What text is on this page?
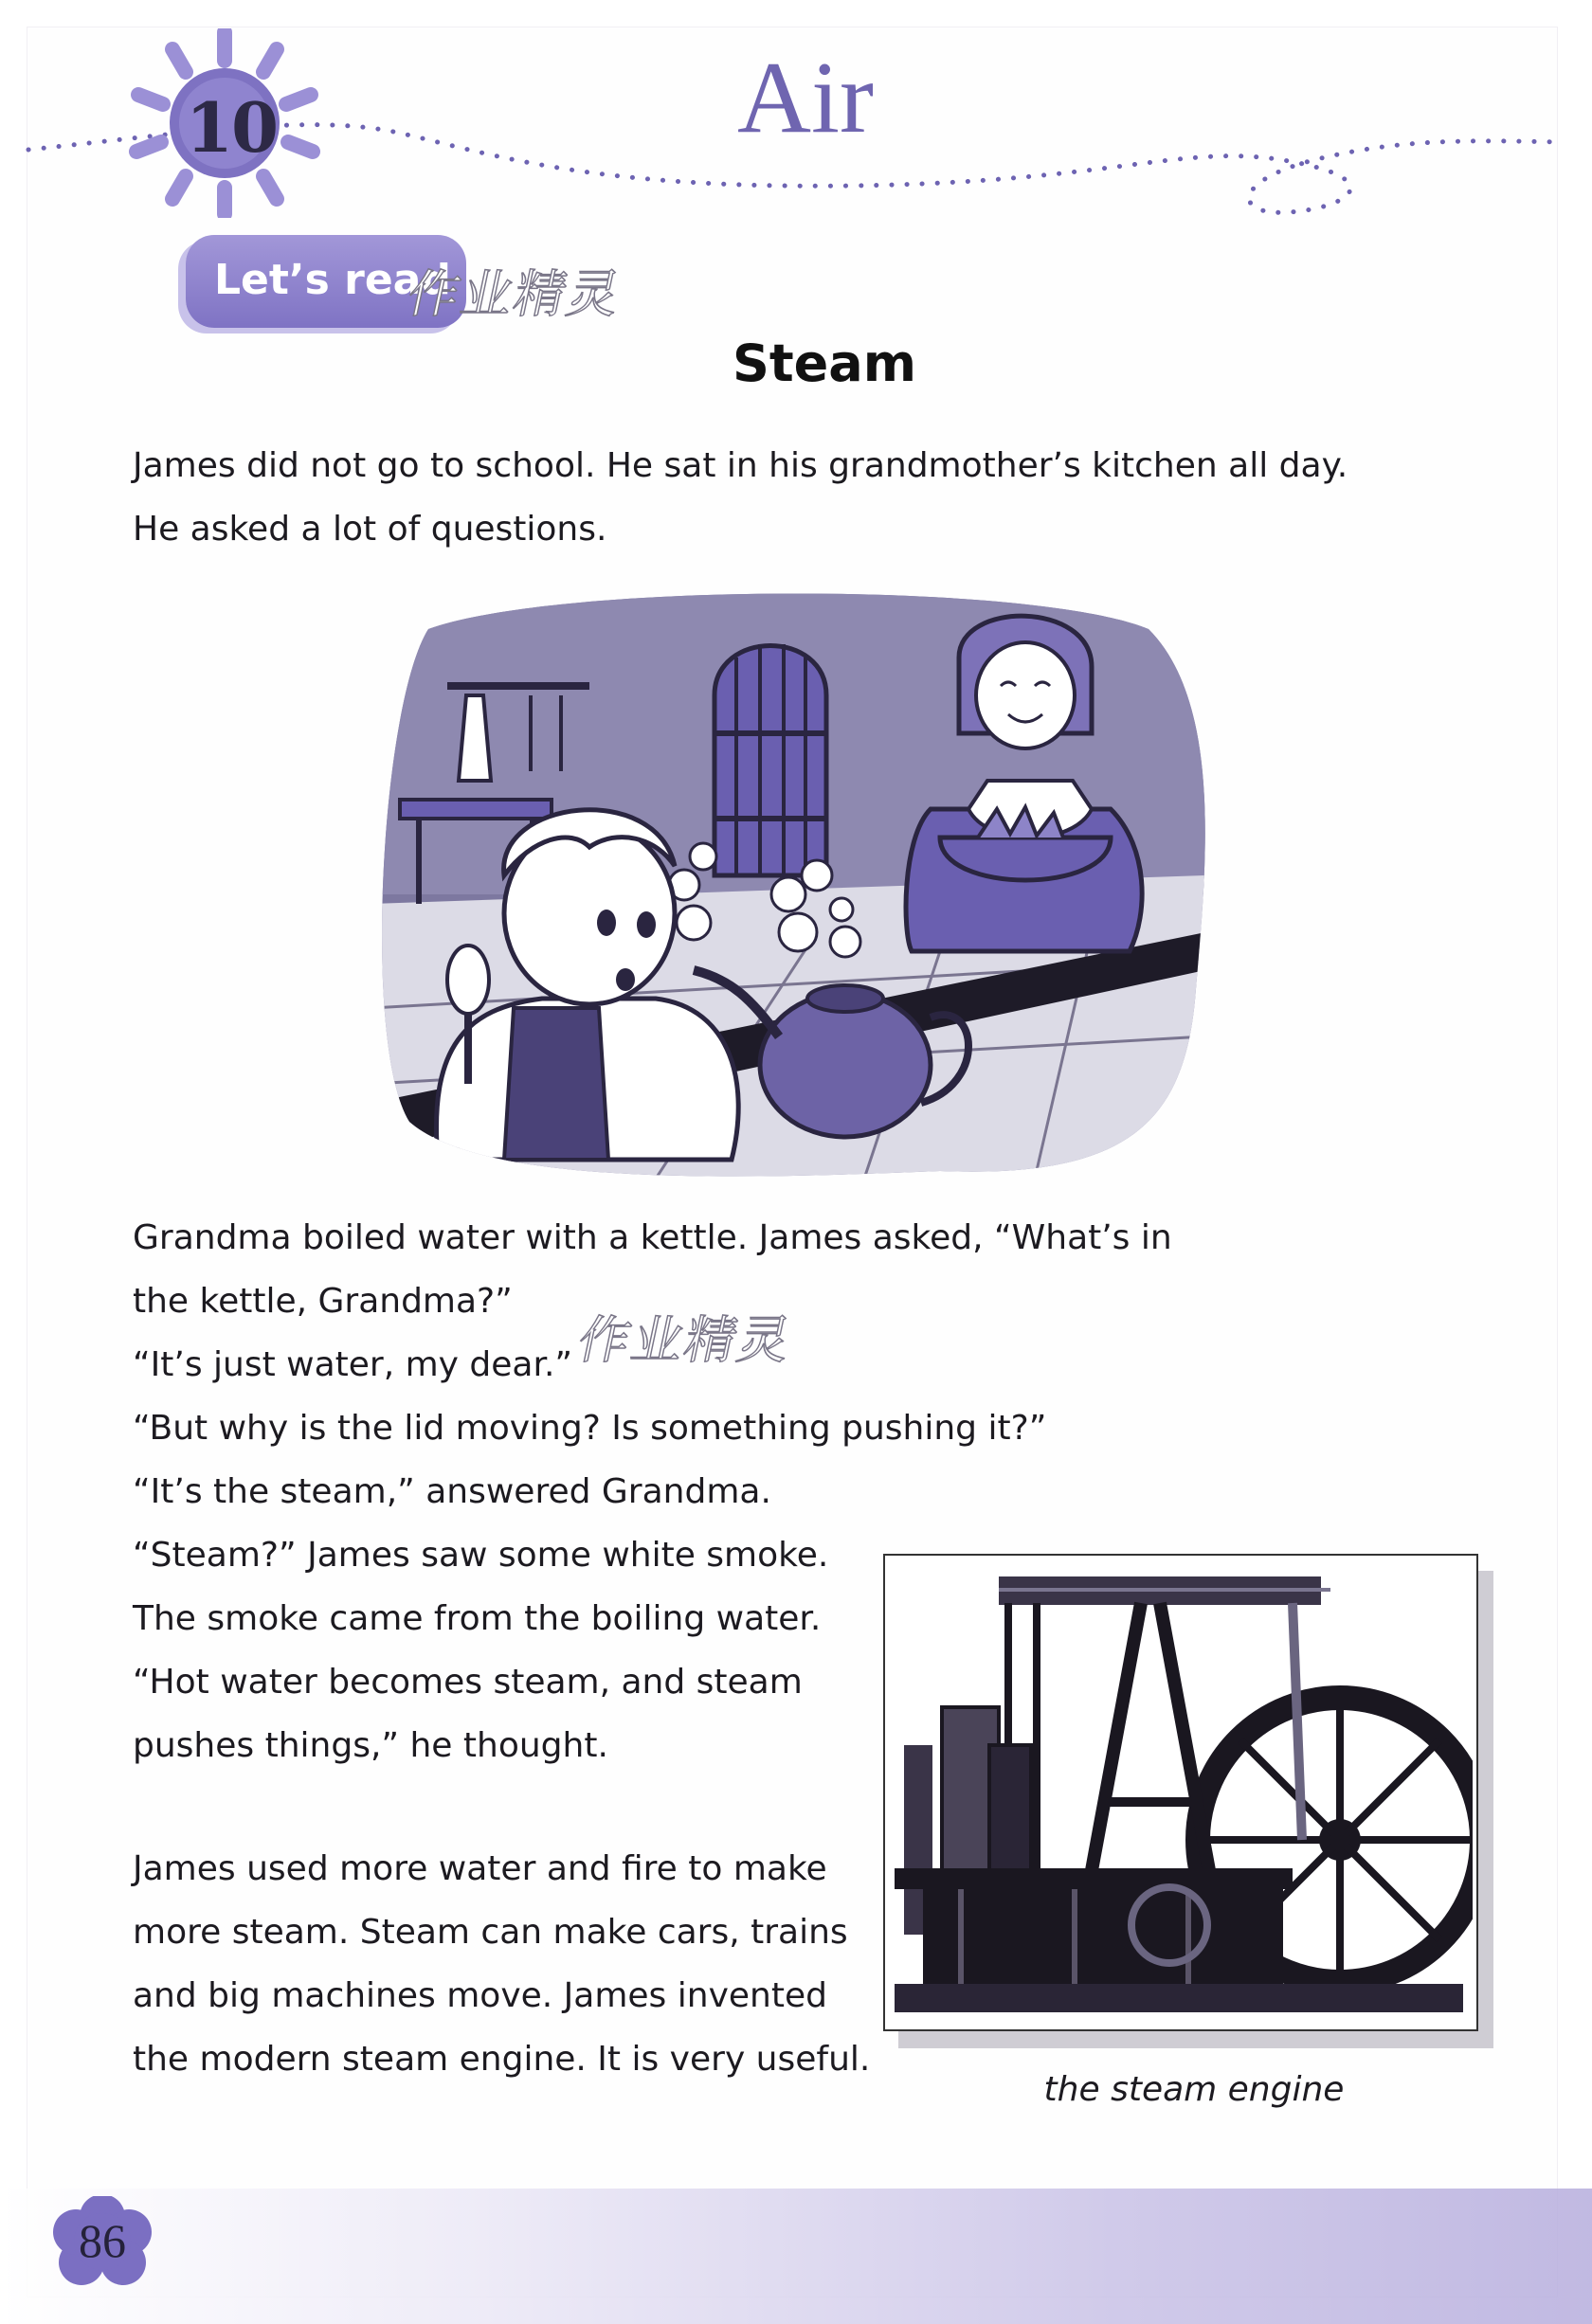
10	Air
Let’s read
作业精灵
Steam
James did not go to school. He sat in his grandmother’s kitchen all day.
He asked a lot of questions.
Grandma boiled water with a kettle. James asked, “What’s in
the kettle, Grandma?”
“It’s just water, my dear.”
“But why is the lid moving? Is something pushing it?”
“It’s the steam,” answered Grandma.
“Steam?” James saw some white smoke.
The smoke came from the boiling water.
“Hot water becomes steam, and steam
pushes things,” he thought.
作业精灵
James used more water and fire to make
more steam. Steam can make cars, trains
and big machines move. James invented
the modern steam engine. It is very useful.
the steam engine
86
